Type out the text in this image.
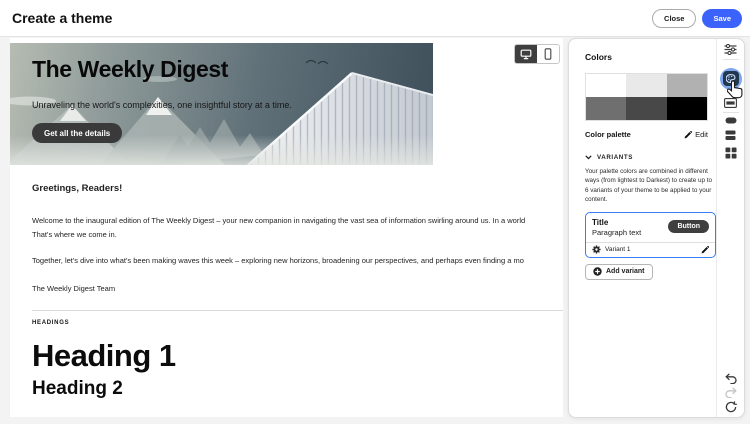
Create a theme	Close	Save
The Weekly Digest
Unraveling the world's complexities, one insightful story at a time.
Get all the details
Greetings, Readers!
Welcome to the inaugural edition of The Weekly Digest – your new companion in navigating the vast sea of information swirling around us. In a world
That's where we come in.
Together, let's dive into what's been making waves this week – exploring new horizons, broadening our perspectives, and perhaps even finding a mo
The Weekly Digest Team
HEADINGS
Heading 1
Heading 2
Colors
Color palette	Edit
VARIANTS

Your palette colors are combined in different ways (from lightest to Darkest) to create up to 6 variants of your theme to be applied to your content.

Title
Paragraph text
Button
Variant 1
Add variant
